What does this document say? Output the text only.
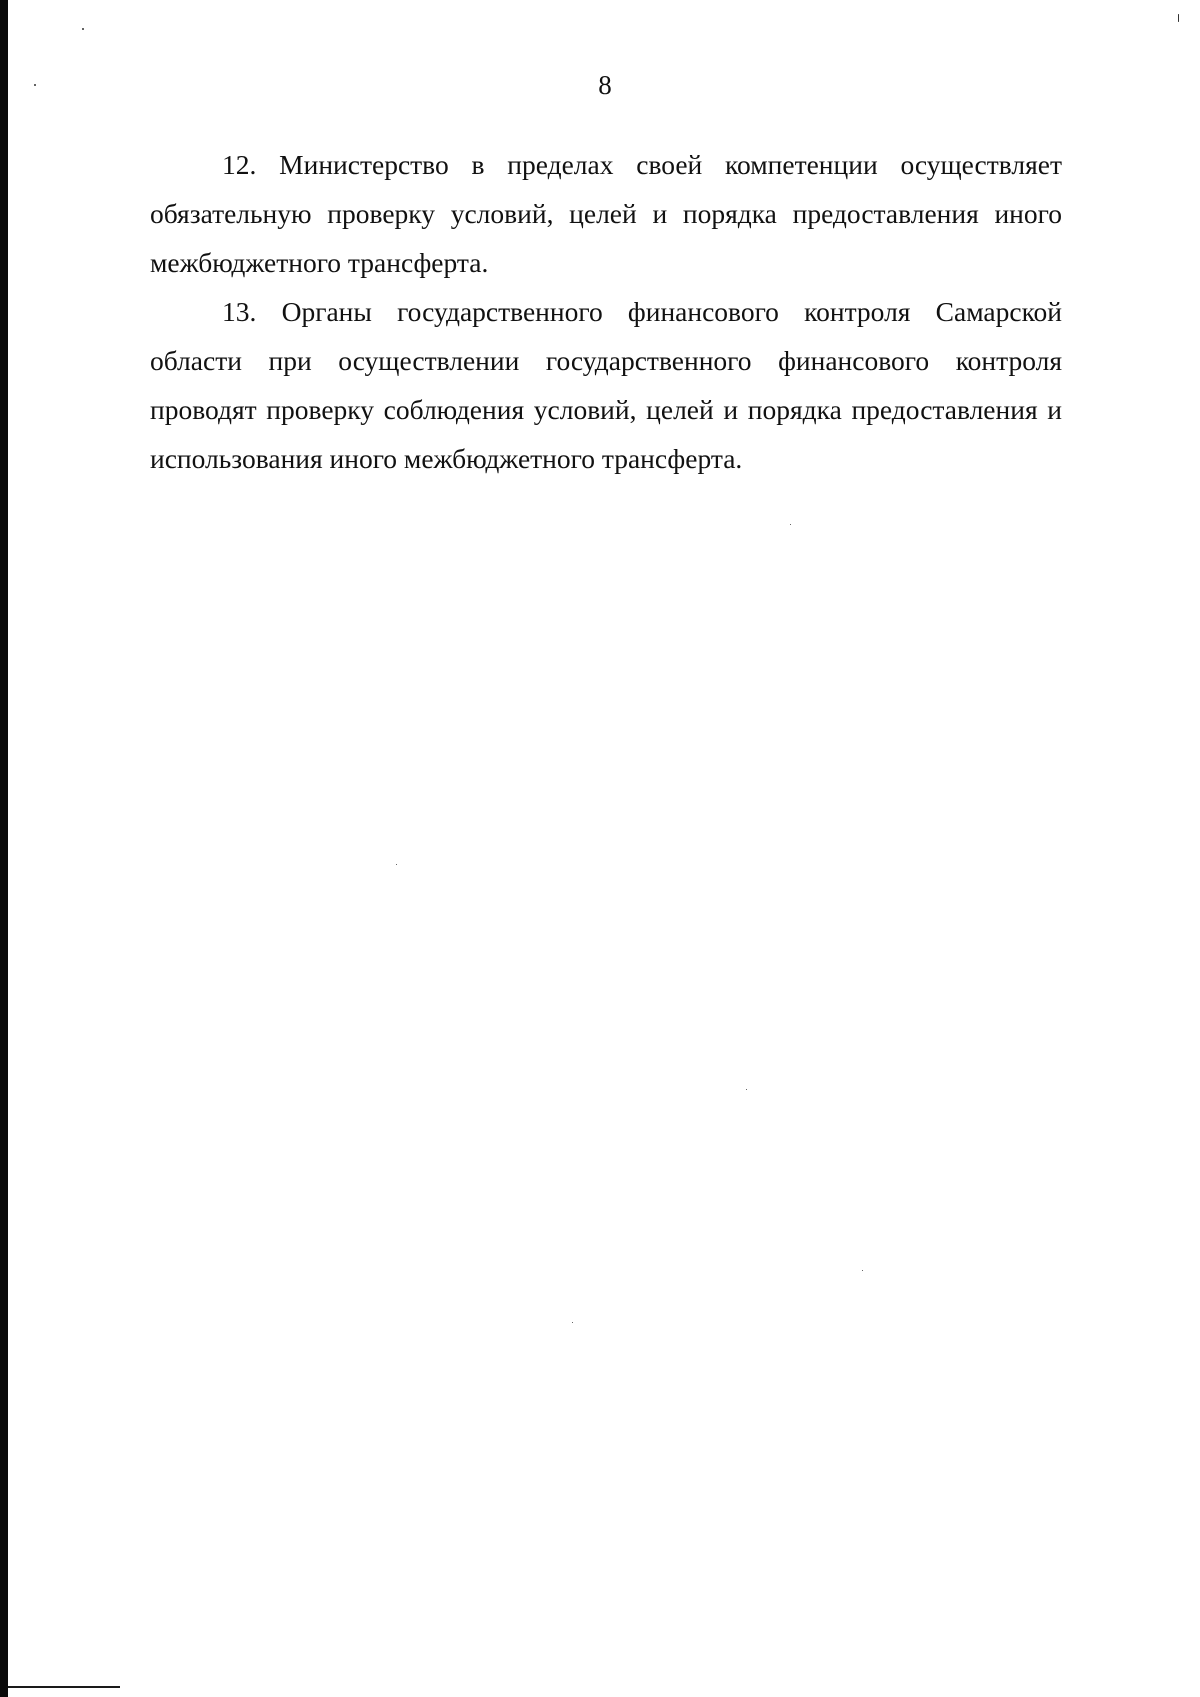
8

12. Министерство в пределах своей компетенции осуществляет обязательную проверку условий, целей и порядка предоставления иного межбюджетного трансферта.

13. Органы государственного финансового контроля Самарской области при осуществлении государственного финансового контроля проводят проверку соблюдения условий, целей и порядка предоставления и использования иного межбюджетного трансферта.
